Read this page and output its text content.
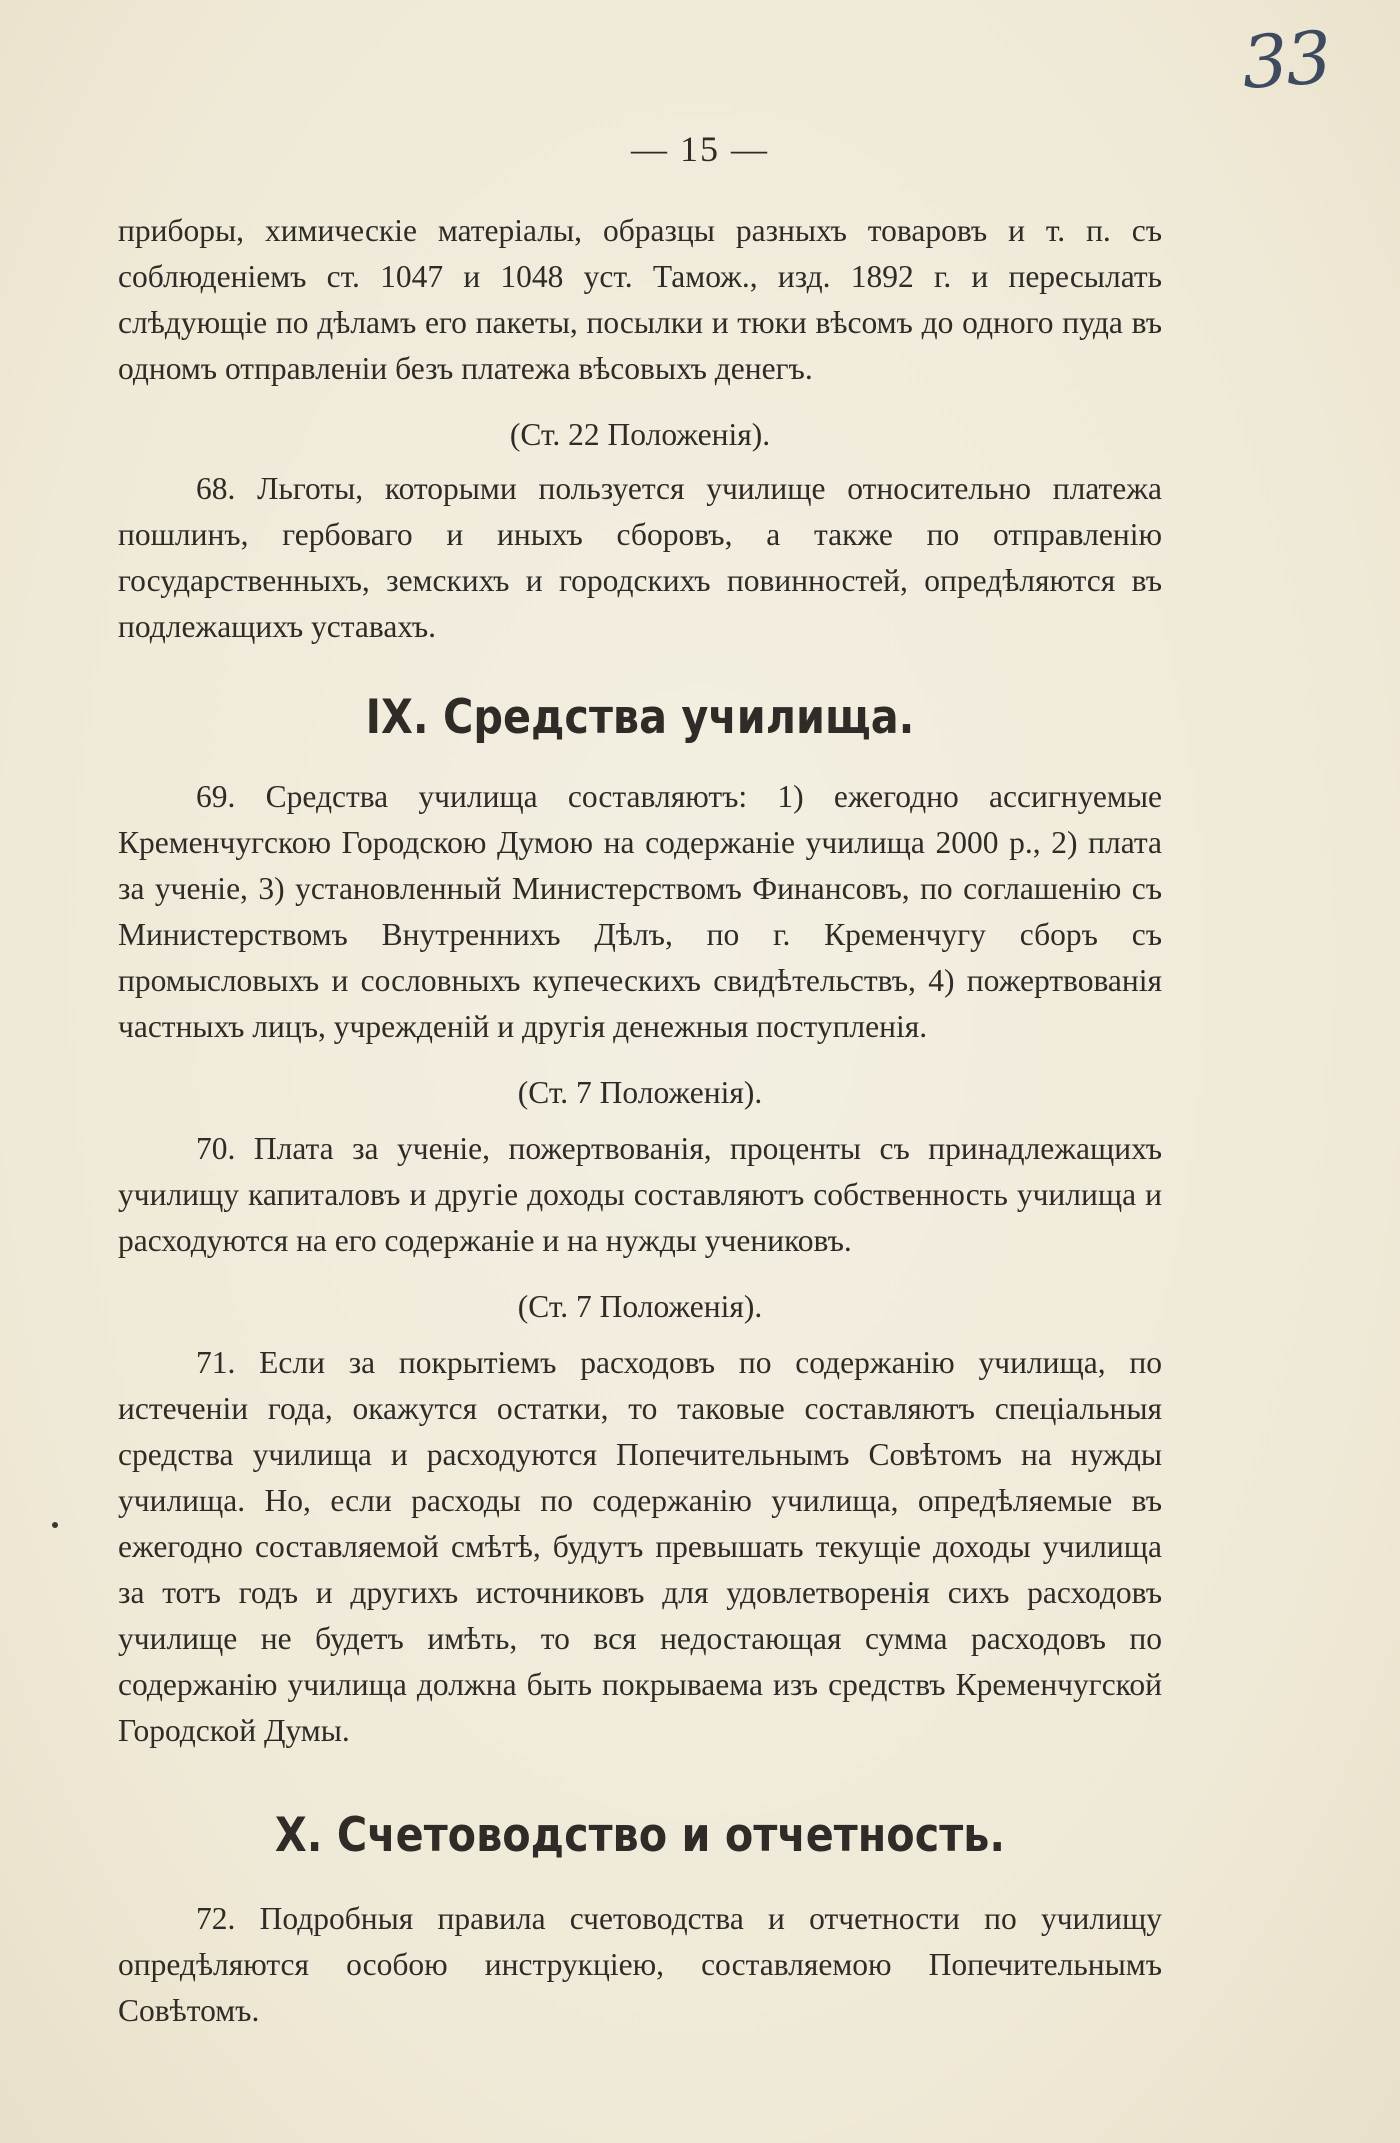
33
— 15 —

приборы, химическіе матеріалы, образцы разныхъ товаровъ и т. п. съ соблюденіемъ ст. 1047 и 1048 уст. Тамож., изд. 1892 г. и пересылать слѣдующіе по дѣламъ его пакеты, посылки и тюки вѣсомъ до одного пуда въ одномъ отправленіи безъ платежа вѣсовыхъ денегъ.

(Ст. 22 Положенія).

68. Льготы, которыми пользуется училище относительно платежа пошлинъ, гербоваго и иныхъ сборовъ, а также по отправленію государственныхъ, земскихъ и городскихъ повинностей, опредѣляются въ подлежащихъ уставахъ.

IX. Средства училища.

69. Средства училища составляютъ: 1) ежегодно ассигнуемые Кременчугскою Городскою Думою на содержаніе училища 2000 р., 2) плата за ученіе, 3) установленный Министерствомъ Финансовъ, по соглашенію съ Министерствомъ Внутреннихъ Дѣлъ, по г. Кременчугу сборъ съ промысловыхъ и сословныхъ купеческихъ свидѣтельствъ, 4) пожертвованія частныхъ лицъ, учрежденій и другія денежныя поступленія.

(Ст. 7 Положенія).

70. Плата за ученіе, пожертвованія, проценты съ принадлежащихъ училищу капиталовъ и другіе доходы составляютъ собственность училища и расходуются на его содержаніе и на нужды учениковъ.

(Ст. 7 Положенія).

71. Если за покрытіемъ расходовъ по содержанію училища, по истеченіи года, окажутся остатки, то таковые составляютъ спеціальныя средства училища и расходуются Попечительнымъ Совѣтомъ на нужды училища. Но, если расходы по содержанію училища, опредѣляемые въ ежегодно составляемой смѣтѣ, будутъ превышать текущіе доходы училища за тотъ годъ и другихъ источниковъ для удовлетворенія сихъ расходовъ училище не будетъ имѣть, то вся недостающая сумма расходовъ по содержанію училища должна быть покрываема изъ средствъ Кременчугской Городской Думы.

X. Счетоводство и отчетность.

72. Подробныя правила счетоводства и отчетности по училищу опредѣляются особою инструкціею, составляемою Попечительнымъ Совѣтомъ.
